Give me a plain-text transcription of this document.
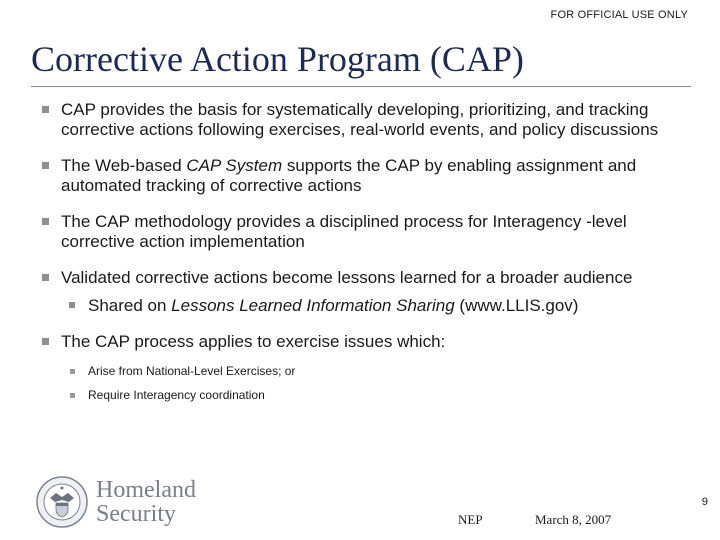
FOR OFFICIAL USE ONLY
Corrective Action Program (CAP)
CAP provides the basis for systematically developing, prioritizing, and tracking corrective actions following exercises, real-world events, and policy discussions
The Web-based CAP System supports the CAP by enabling assignment and automated tracking of corrective actions
The CAP methodology provides a disciplined process for Interagency -level corrective action implementation
Validated corrective actions become lessons learned for a broader audience
Shared on Lessons Learned Information Sharing (www.LLIS.gov)
The CAP process applies to exercise issues which:
Arise from National-Level Exercises; or
Require Interagency coordination
Homeland
Security	NEP	March 8, 2007
9
